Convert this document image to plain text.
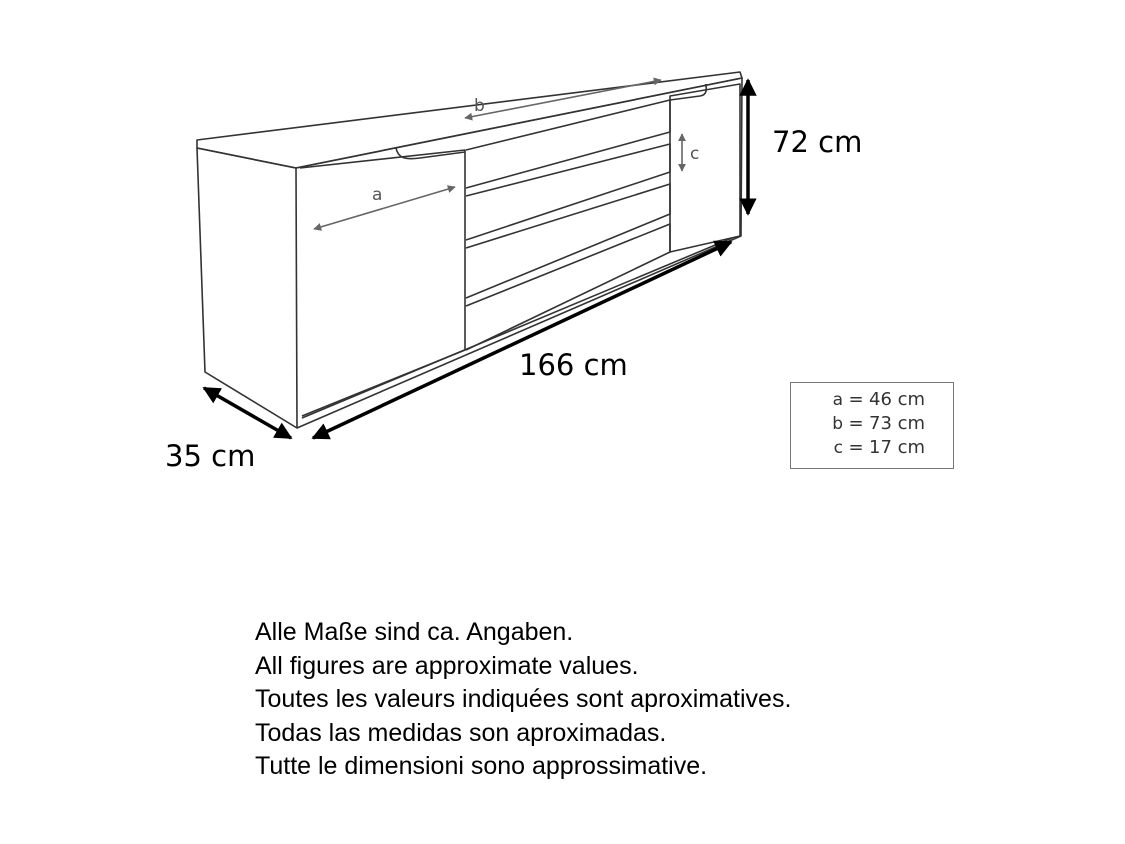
a
b
c	72 cm
166 cm
35 cm
a = 46 cm
b = 73 cm
c = 17 cm
Alle Maße sind ca. Angaben.
All figures are approximate values.
Toutes les valeurs indiquées sont aproximatives.
Todas las medidas son aproximadas.
Tutte le dimensioni sono approssimative.
